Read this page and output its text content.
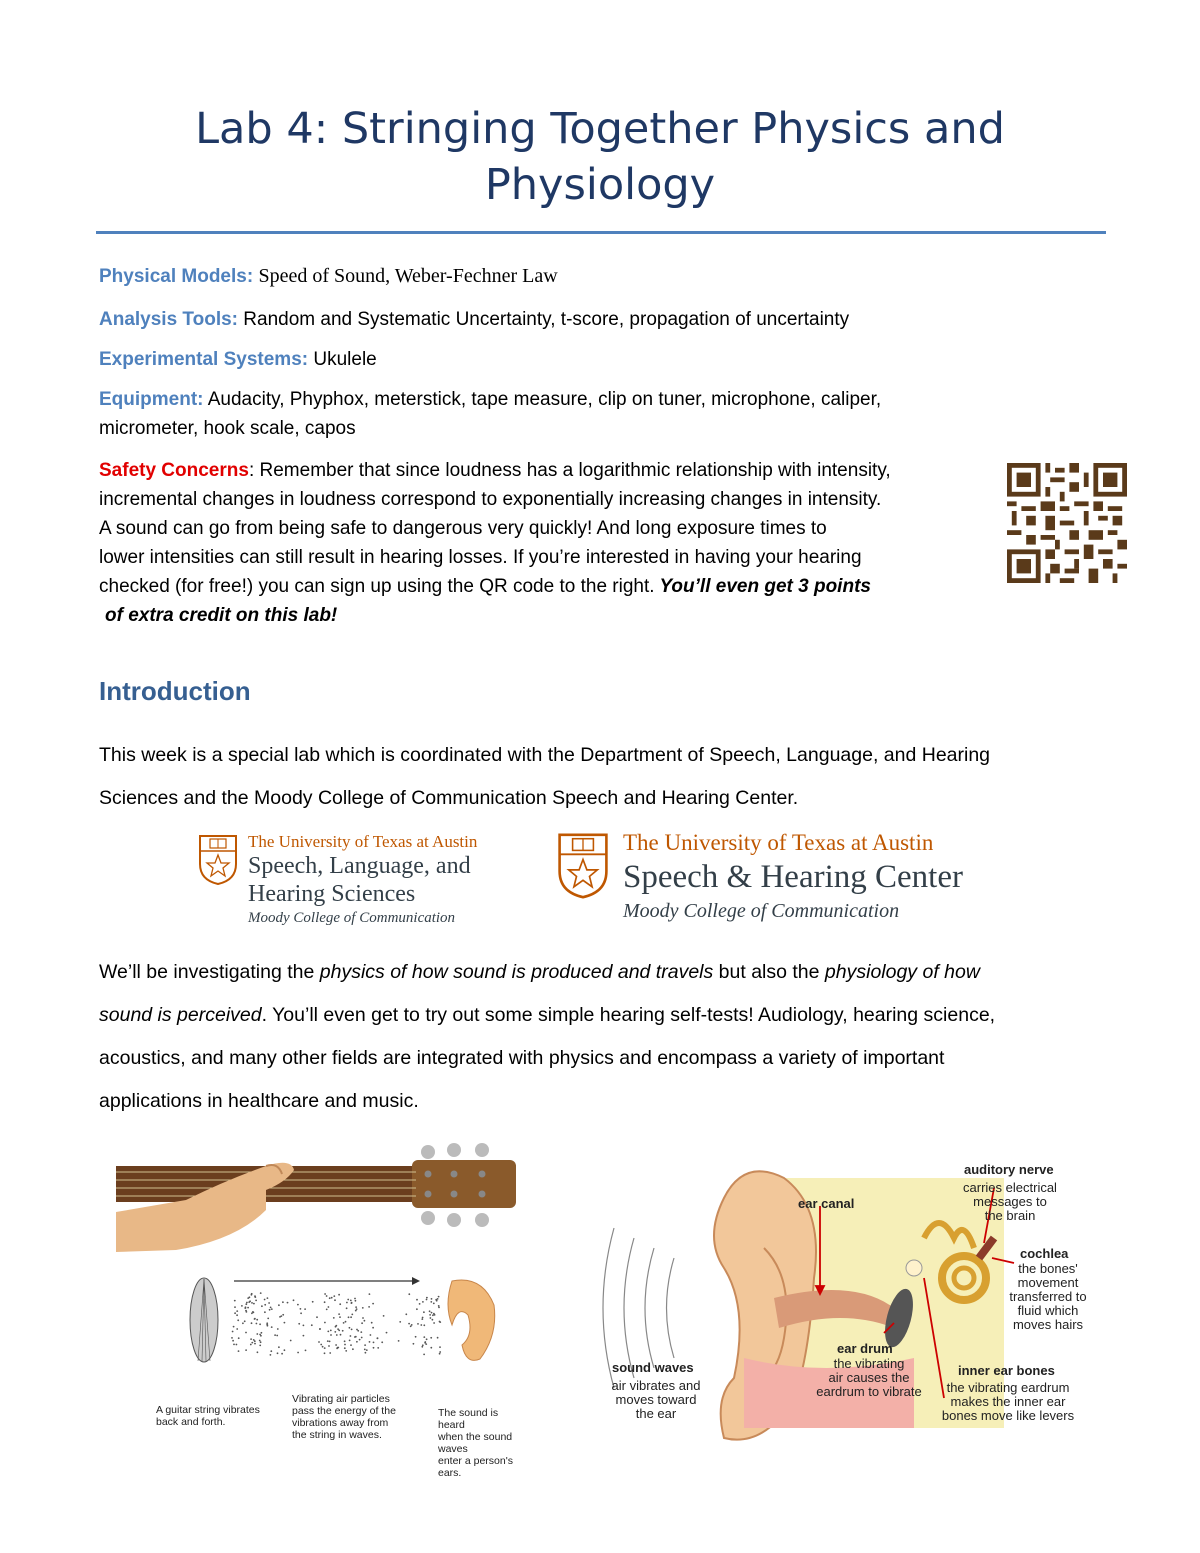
Lab 4: Stringing Together Physics and
Physiology
Physical Models: Speed of Sound, Weber-Fechner Law
Analysis Tools: Random and Systematic Uncertainty, t-score, propagation of uncertainty
Experimental Systems: Ukulele
Equipment: Audacity, Phyphox, meterstick, tape measure, clip on tuner, microphone, caliper,
micrometer, hook scale, capos
Safety Concerns: Remember that since loudness has a logarithmic relationship with intensity,
incremental changes in loudness correspond to exponentially increasing changes in intensity.
A sound can go from being safe to dangerous very quickly! And long exposure times to
lower intensities can still result in hearing losses. If you’re interested in having your hearing
checked (for free!) you can sign up using the QR code to the right. You’ll even get 3 points
of extra credit on this lab!
Introduction
This week is a special lab which is coordinated with the Department of Speech, Language, and Hearing
Sciences and the Moody College of Communication Speech and Hearing Center.
The University of Texas at Austin
Speech, Language, and
Hearing Sciences
Moody College of Communication
The University of Texas at Austin
Speech & Hearing Center
Moody College of Communication
We’ll be investigating the physics of how sound is produced and travels but also the physiology of how
sound is perceived. You’ll even get to try out some simple hearing self-tests! Audiology, hearing science,
acoustics, and many other fields are integrated with physics and encompass a variety of important
applications in healthcare and music.
A guitar string vibrates
back and forth.
Vibrating air particles
pass the energy of the
vibrations away from
the string in waves.
The sound is heard
when the sound waves
enter a person's ears.
auditory nerve
carries electrical
messages to
the brain
ear canal
cochlea
the bones'
movement
transferred to
fluid which
moves hairs
ear drum
the vibrating
air causes the
eardrum to vibrate
sound waves
air vibrates and
moves toward
the ear
inner ear bones
the vibrating eardrum
makes the inner ear
bones move like levers
